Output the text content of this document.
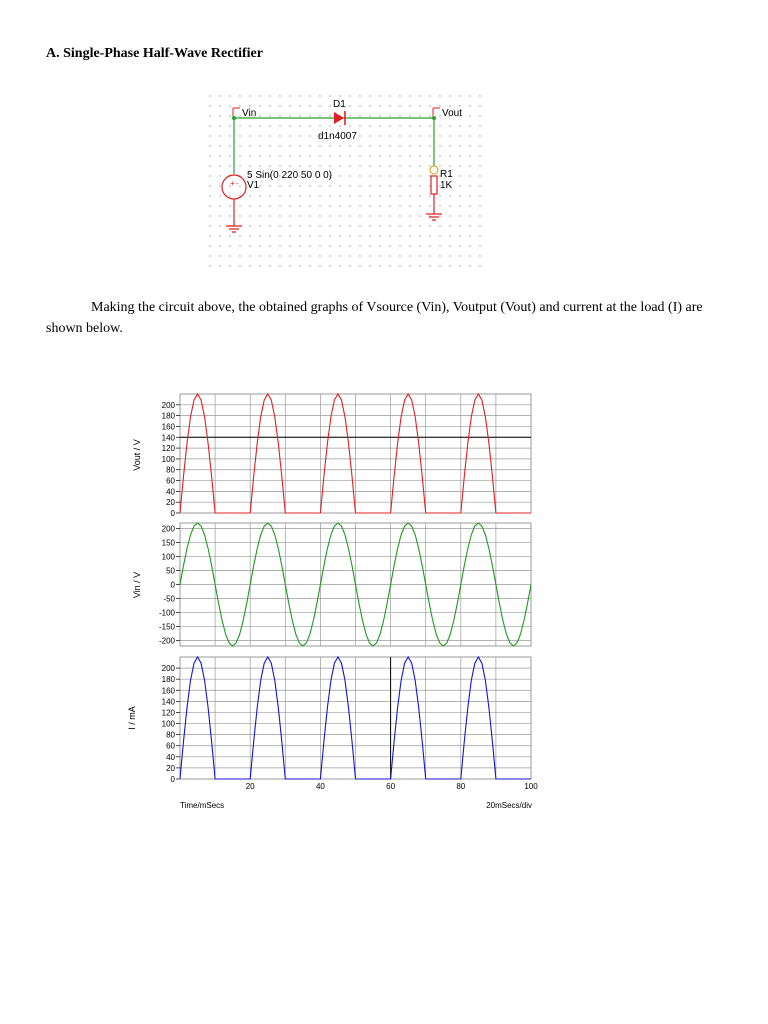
A. Single-Phase Half-Wave Rectifier
Vin	Vout
D1
d1n4007
5 Sin(0 220 50 0 0)
V1
+ -
R1
1K
Making the circuit above, the obtained graphs of Vsource (Vin), Voutput (Vout) and current at the load (I) are shown below.
Vout / V
Vin / V
I / mA
Time/mSecs	20mSecs/div
0
20
40
60
80
100
120
140
160
180
200
-200
-150
-100
-50
0
50
100
150
200
0
20
40
60
80
100
120
140
160
180
200
20	40	60	80	100
